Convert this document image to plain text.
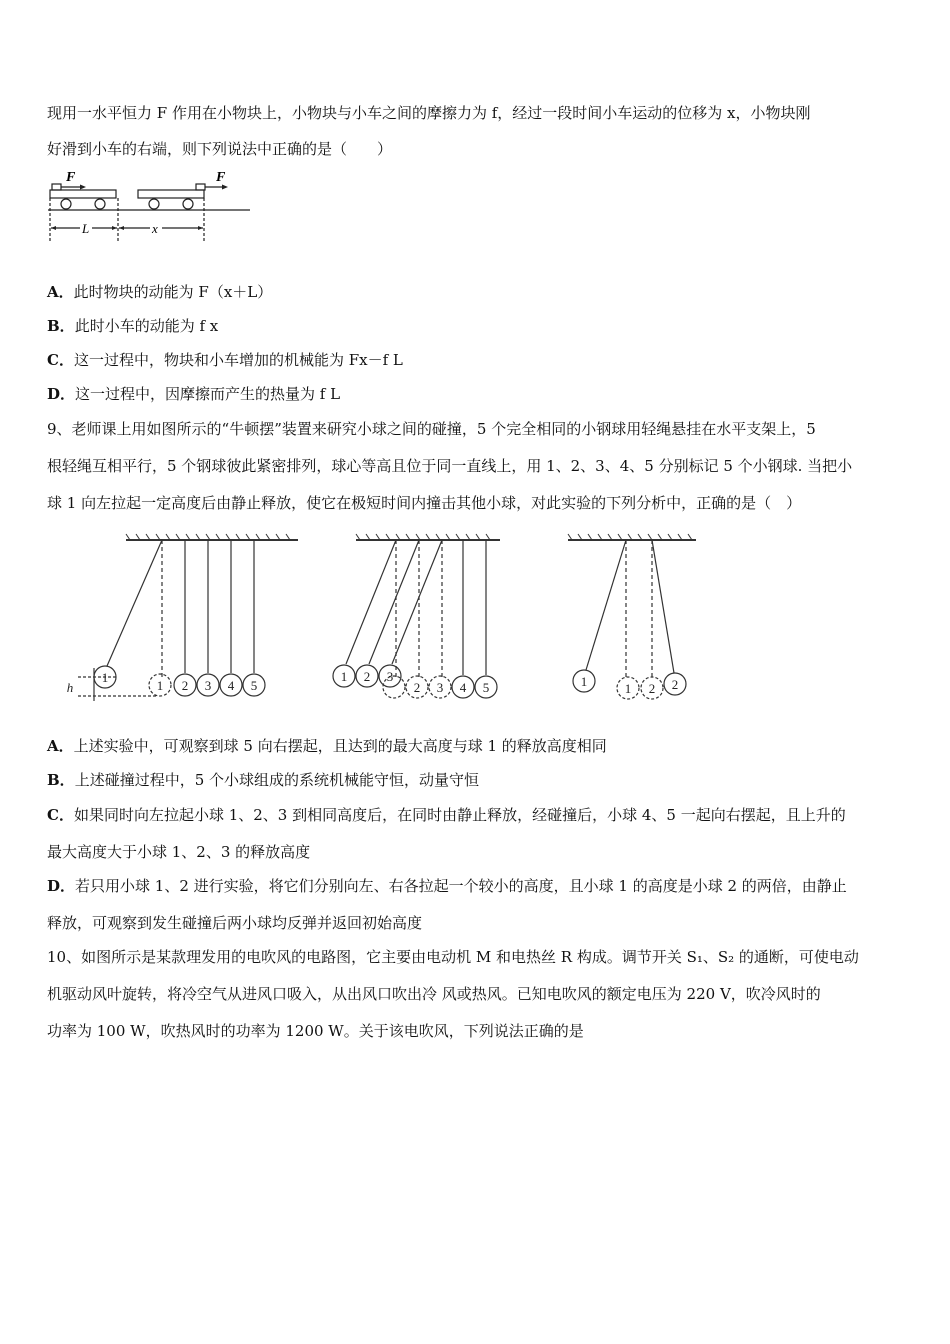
现用一水平恒力 F 作用在小物块上，小物块与小车之间的摩擦力为 f，经过一段时间小车运动的位移为 x，小物块刚
好滑到小车的右端，则下列说法中正确的是（　　）
F	F
L	x
A．此时物块的动能为 F（x＋L）
B．此时小车的动能为 f x
C．这一过程中，物块和小车增加的机械能为 Fx－f L
D．这一过程中，因摩擦而产生的热量为 f L
9、老师课上用如图所示的“牛顿摆”装置来研究小球之间的碰撞，5 个完全相同的小钢球用轻绳悬挂在水平支架上，5
根轻绳互相平行，5 个钢球彼此紧密排列，球心等高且位于同一直线上，用 1、2、3、4、5 分别标记 5 个小钢球. 当把小
球 1 向左拉起一定高度后由静止释放，使它在极短时间内撞击其他小球，对此实验的下列分析中，正确的是（　）
h
1
1 2 3 4 5
1 2 3
2 3 4 5	1	1 2 2
A．上述实验中，可观察到球 5 向右摆起，且达到的最大高度与球 1 的释放高度相同
B．上述碰撞过程中，5 个小球组成的系统机械能守恒，动量守恒
C．如果同时向左拉起小球 1、2、3 到相同高度后，在同时由静止释放，经碰撞后，小球 4、5 一起向右摆起，且上升的
最大高度大于小球 1、2、3 的释放高度
D．若只用小球 1、2 进行实验，将它们分别向左、右各拉起一个较小的高度，且小球 1 的高度是小球 2 的两倍，由静止
释放，可观察到发生碰撞后两小球均反弹并返回初始高度
10、如图所示是某款理发用的电吹风的电路图，它主要由电动机 M 和电热丝 R 构成。调节开关 S₁、S₂ 的通断，可使电动
机驱动风叶旋转，将冷空气从进风口吸入，从出风口吹出冷 风或热风。已知电吹风的额定电压为 220 V，吹冷风时的
功率为 100 W，吹热风时的功率为 1200 W。关于该电吹风，下列说法正确的是
